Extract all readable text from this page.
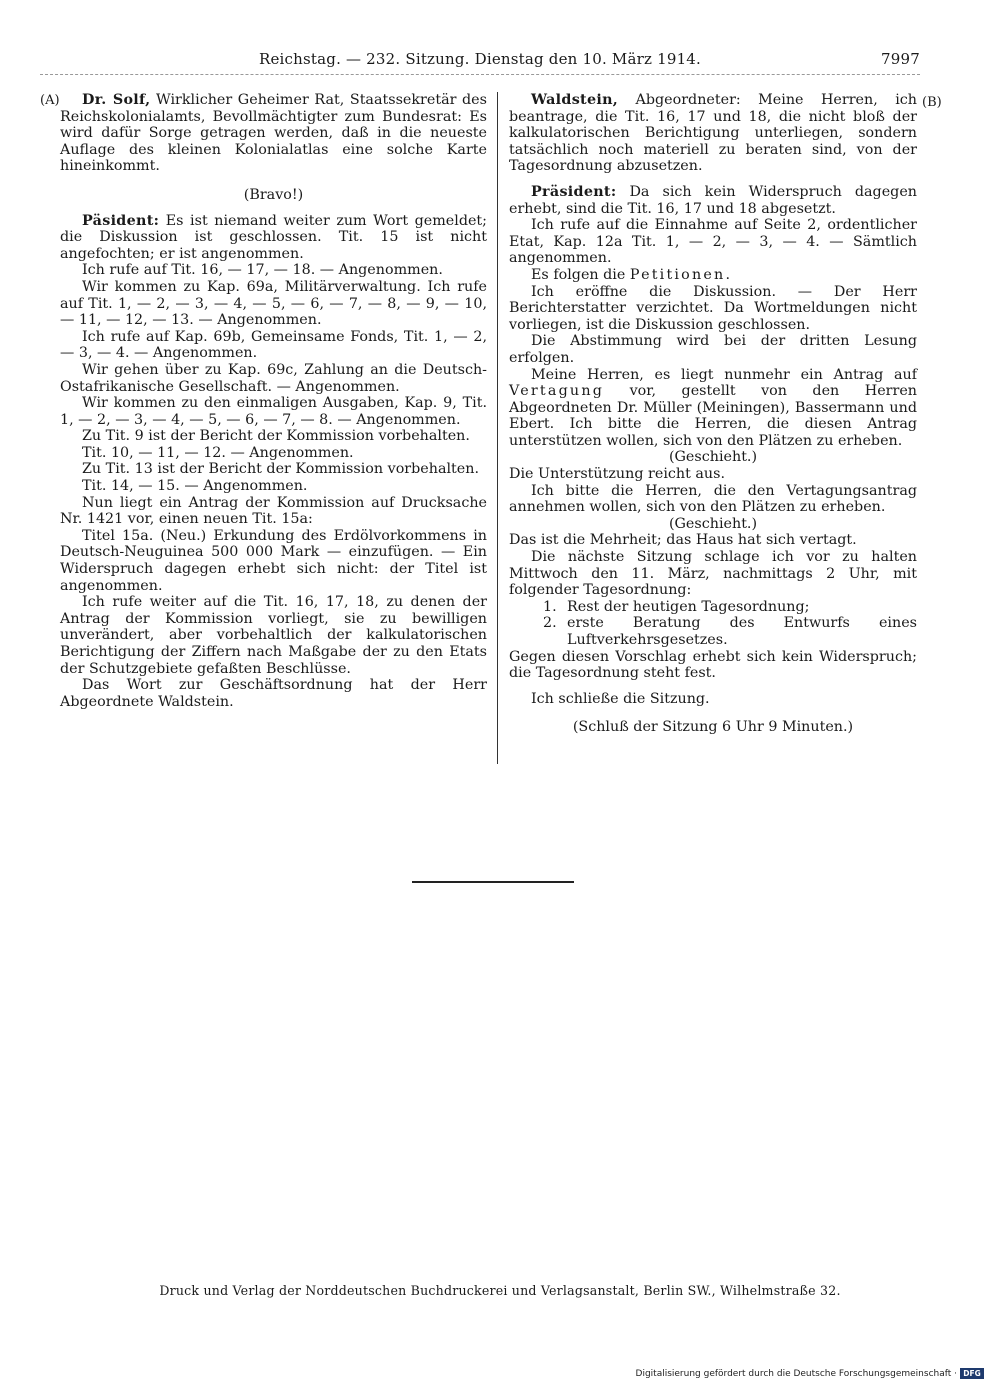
Reichstag. — 232. Sitzung. Dienstag den 10. März 1914.	7997
(A)	(B)

Dr. Solf, Wirklicher Geheimer Rat, Staatssekretär des Reichskolonialamts, Bevollmächtigter zum Bundesrat: Es wird dafür Sorge getragen werden, daß in die neueste Auflage des kleinen Kolonialatlas eine solche Karte hineinkommt.

(Bravo!)

Päsident: Es ist niemand weiter zum Wort gemeldet; die Diskussion ist geschlossen. Tit. 15 ist nicht angefochten; er ist angenommen.

Ich rufe auf Tit. 16, — 17, — 18. — Angenommen.

Wir kommen zu Kap. 69a, Militärverwaltung. Ich rufe auf Tit. 1, — 2, — 3, — 4, — 5, — 6, — 7, — 8, — 9, — 10, — 11, — 12, — 13. — Angenommen.

Ich rufe auf Kap. 69b, Gemeinsame Fonds, Tit. 1, — 2, — 3, — 4. — Angenommen.

Wir gehen über zu Kap. 69c, Zahlung an die Deutsch-Ostafrikanische Gesellschaft. — Angenommen.

Wir kommen zu den einmaligen Ausgaben, Kap. 9, Tit. 1, — 2, — 3, — 4, — 5, — 6, — 7, — 8. — Angenommen.

Zu Tit. 9 ist der Bericht der Kommission vorbehalten.

Tit. 10, — 11, — 12. — Angenommen.

Zu Tit. 13 ist der Bericht der Kommission vorbehalten.

Tit. 14, — 15. — Angenommen.

Nun liegt ein Antrag der Kommission auf Drucksache Nr. 1421 vor, einen neuen Tit. 15a:

Titel 15a. (Neu.) Erkundung des Erdölvorkommens in Deutsch-Neuguinea 500 000 Mark — einzufügen. — Ein Widerspruch dagegen erhebt sich nicht: der Titel ist angenommen.

Ich rufe weiter auf die Tit. 16, 17, 18, zu denen der Antrag der Kommission vorliegt, sie zu bewilligen unverändert, aber vorbehaltlich der kalkulatorischen Berichtigung der Ziffern nach Maßgabe der zu den Etats der Schutzgebiete gefaßten Beschlüsse.

Das Wort zur Geschäftsordnung hat der Herr Abgeordnete Waldstein.

Waldstein, Abgeordneter: Meine Herren, ich beantrage, die Tit. 16, 17 und 18, die nicht bloß der kalkulatorischen Berichtigung unterliegen, sondern tatsächlich noch materiell zu beraten sind, von der Tagesordnung abzusetzen.

Präsident: Da sich kein Widerspruch dagegen erhebt, sind die Tit. 16, 17 und 18 abgesetzt.

Ich rufe auf die Einnahme auf Seite 2, ordentlicher Etat, Kap. 12a Tit. 1, — 2, — 3, — 4. — Sämtlich angenommen.

Es folgen die Petitionen.

Ich eröffne die Diskussion. — Der Herr Berichterstatter verzichtet. Da Wortmeldungen nicht vorliegen, ist die Diskussion geschlossen.

Die Abstimmung wird bei der dritten Lesung erfolgen.

Meine Herren, es liegt nunmehr ein Antrag auf Vertagung vor, gestellt von den Herren Abgeordneten Dr. Müller (Meiningen), Bassermann und Ebert. Ich bitte die Herren, die diesen Antrag unterstützen wollen, sich von den Plätzen zu erheben.

(Geschieht.)

Die Unterstützung reicht aus.

Ich bitte die Herren, die den Vertagungsantrag annehmen wollen, sich von den Plätzen zu erheben.

(Geschieht.)

Das ist die Mehrheit; das Haus hat sich vertagt.

Die nächste Sitzung schlage ich vor zu halten Mittwoch den 11. März, nachmittags 2 Uhr, mit folgender Tagesordnung:

1. Rest der heutigen Tagesordnung;

2. erste Beratung des Entwurfs eines Luftverkehrsgesetzes.

Gegen diesen Vorschlag erhebt sich kein Widerspruch; die Tagesordnung steht fest.

Ich schließe die Sitzung.

(Schluß der Sitzung 6 Uhr 9 Minuten.)

Druck und Verlag der Norddeutschen Buchdruckerei und Verlagsanstalt, Berlin SW., Wilhelmstraße 32.
Digitalisierung gefördert durch die Deutsche Forschungsgemeinschaft · DFG
